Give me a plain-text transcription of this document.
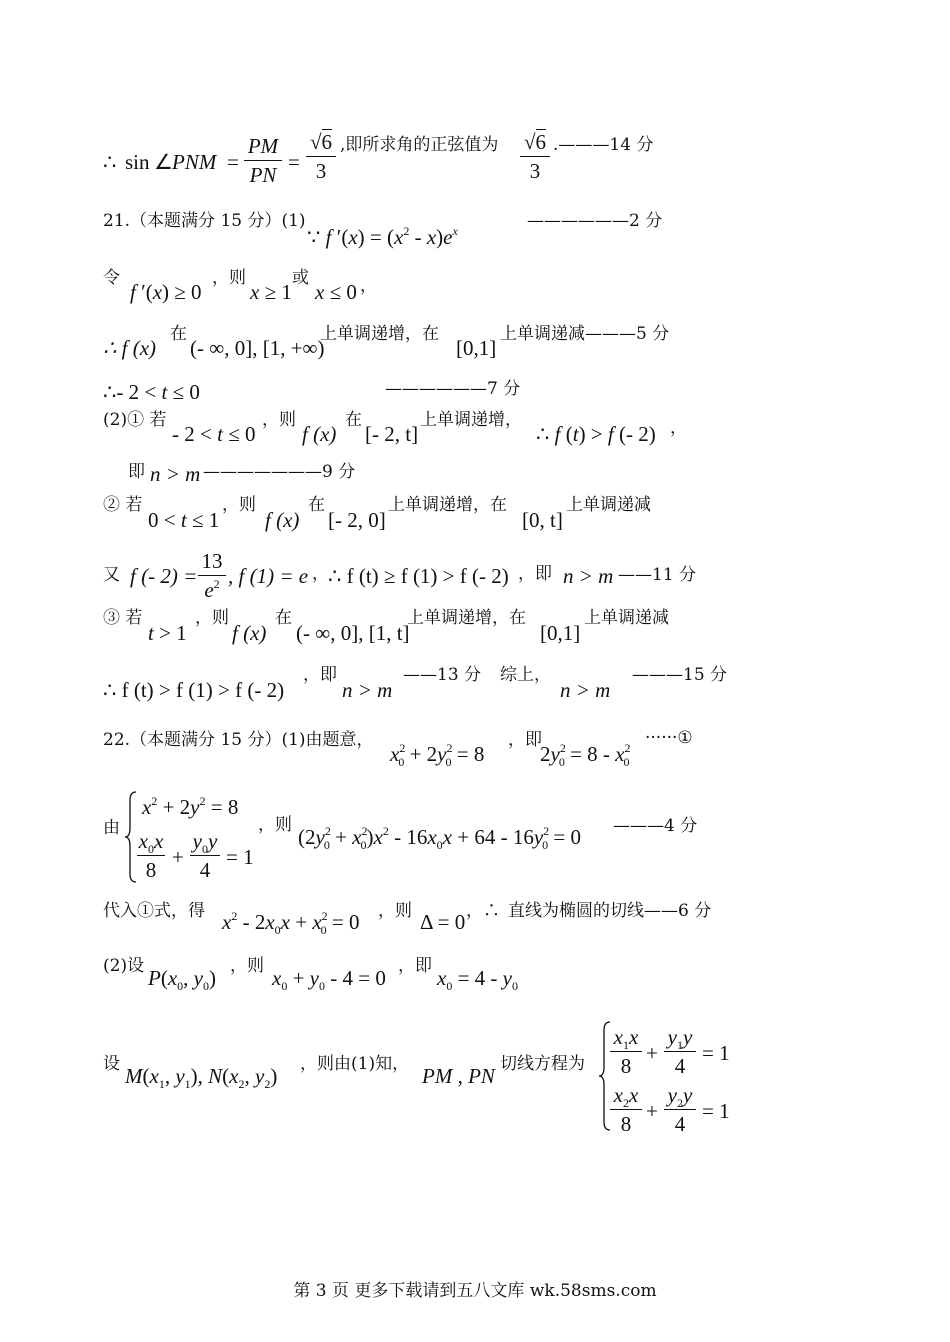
∴ sin ∠ PNM =
PM
PN
=
√6
3
,即所求角的正弦值为 √6
3
.———14 分
21.（本题满分 15 分）(1)
∵ f $'(x) = (x^2 - x)e^x$	——————2 分
令
f ′(x) ≥ 0
，则
x ≥ 1
或
x ≤ 0 ，
∴ f (x)
在
(- ∞, 0], [1, +∞)
上单调递增，在
[0,1]
上单调递减———5 分
∴- 2 < t ≤ 0	——————7 分
(2)① 若
- 2 < t ≤ 0
，则
f (x)
在
[- 2, t]
上单调递增，
∴ f (t) > f (- 2) ，
即 n > m ———————9 分
② 若
0 < t ≤ 1
，则
f (x)
在
[- 2, 0]
上单调递增，在
[0, t]
上单调递减
又 f (- 2) =
13
$e^2$ , f (1) = e ， ∴ f (t) ≥ f (1) > f (- 2) ，即 n > m ——11 分
③ 若
t > 1
，则
f (x)
在
(- ∞, 0], [1, t]
上单调递增，在
[0,1]
上单调递减
∴ f (t) > f (1) > f (- 2)
，即
n > m
——13 分 综上，
n > m
———15 分
22.（本题满分 15 分）(1)由题意，
$x^2_0 + 2y^2_0 = 8$
，即
$2y^2_0 = 8 - x^2_0$
······①
由
$x^2 + 2y^2 = 8$
$x_0x$
8
+
$y_0y$
4
= 1
，则 $(2y^2_0 + x^2_0)x^2 - 16x_0x + 64 - 16y^2_0 = 0$ ———4 分
代入①式，得 $x^2 - 2x_0x + x^2_0 = 0$ ，则 Δ = 0 ，∴ 直线为椭圆的切线——6 分
(2)设 $P(x_0$, $y_0$) ，则 $x_0 + y_0 - 4 = 0$ ，即 $x_0 = 4 - y_0$
设 $M(x_1$, $y_1$), $N(x_2$, $y_2$) ，则由(1)知， PM , PN 切线方程为
$x_1x$
8
+
$y_1y$
4
= 1
$x_2x$
8
+
$y_2y$
4
= 1
第 3 页 更多下载请到五八文库 wk.58sms.com
